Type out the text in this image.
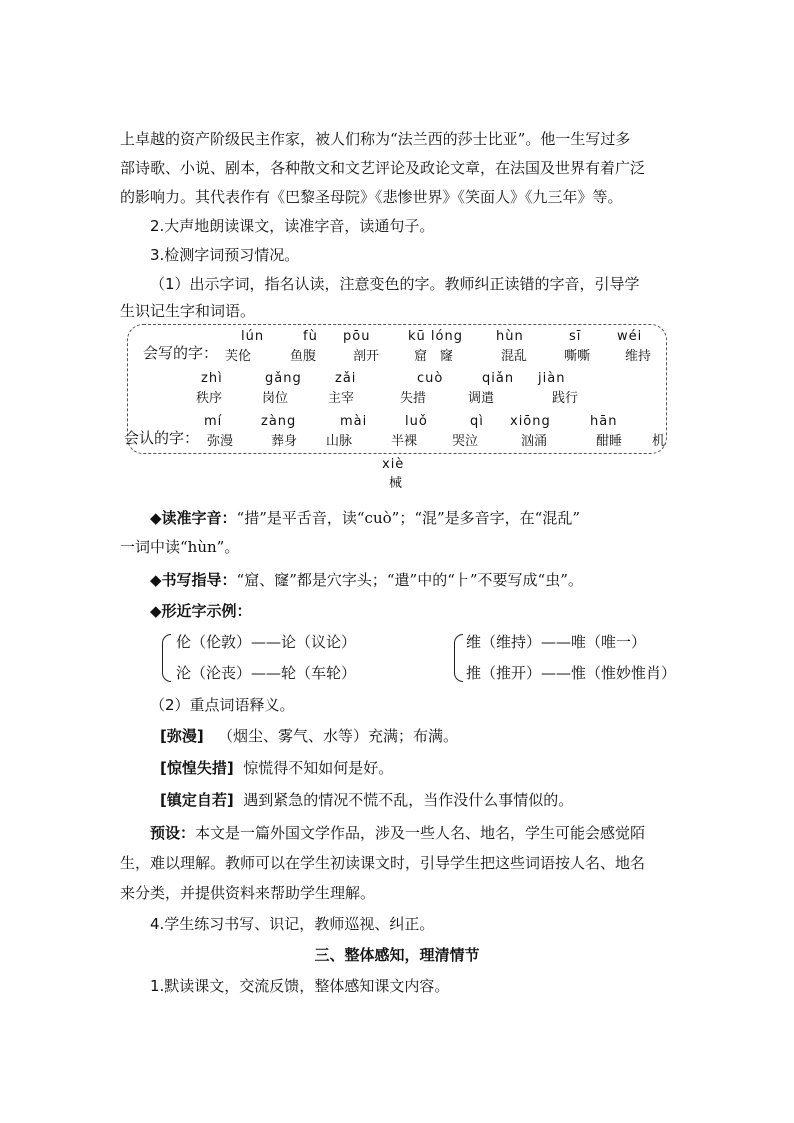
上卓越的资产阶级民主作家，被人们称为“法兰西的莎士比亚”。他一生写过多
部诗歌、小说、剧本，各种散文和文艺评论及政论文章，在法国及世界有着广泛
的影响力。其代表作有《巴黎圣母院》《悲惨世界》《笑面人》《九三年》等。
2.大声地朗读课文，读准字音，读通句子。
3.检测字词预习情况。
（1）出示字词，指名认读，注意变色的字。教师纠正读错的字音，引导学
生识记生字和词语。
会写的字：
lún
芙伦
fù
鱼腹
pōu
剖开
kū lóng
窟　窿
hùn
混乱
sī
嘶嘶
wéi
维持
zhì
秩序
gǎng
岗位
zǎi
主宰
cuò
失措
qiǎn
调遣
jiàn
践行
会认的字：
mí
弥漫
zàng
葬身
mài
山脉
luǒ
半裸
qì
哭泣
xiōng
汹涌
hān
酣睡 机
xiè
械
◆读准字音：“措”是平舌音，读“cuò”；“混”是多音字，在“混乱”
一词中读“hùn”。
◆书写指导：“窟、窿”都是穴字头；“遣”中的“⺊”不要写成“虫”。
◆形近字示例：
伦（伦敦）——论（议论）
沦（沦丧）——轮（车轮）
维（维持）——唯（唯一）
推（推开）——惟（惟妙惟肖）
（2）重点词语释义。
[弥漫] （烟尘、雾气、水等）充满；布满。
[惊惶失措] 惊慌得不知如何是好。
[镇定自若] 遇到紧急的情况不慌不乱，当作没什么事情似的。
预设：本文是一篇外国文学作品，涉及一些人名、地名，学生可能会感觉陌
生，难以理解。教师可以在学生初读课文时，引导学生把这些词语按人名、地名
来分类，并提供资料来帮助学生理解。
4.学生练习书写、识记，教师巡视、纠正。
三、整体感知，理清情节
1.默读课文，交流反馈，整体感知课文内容。
